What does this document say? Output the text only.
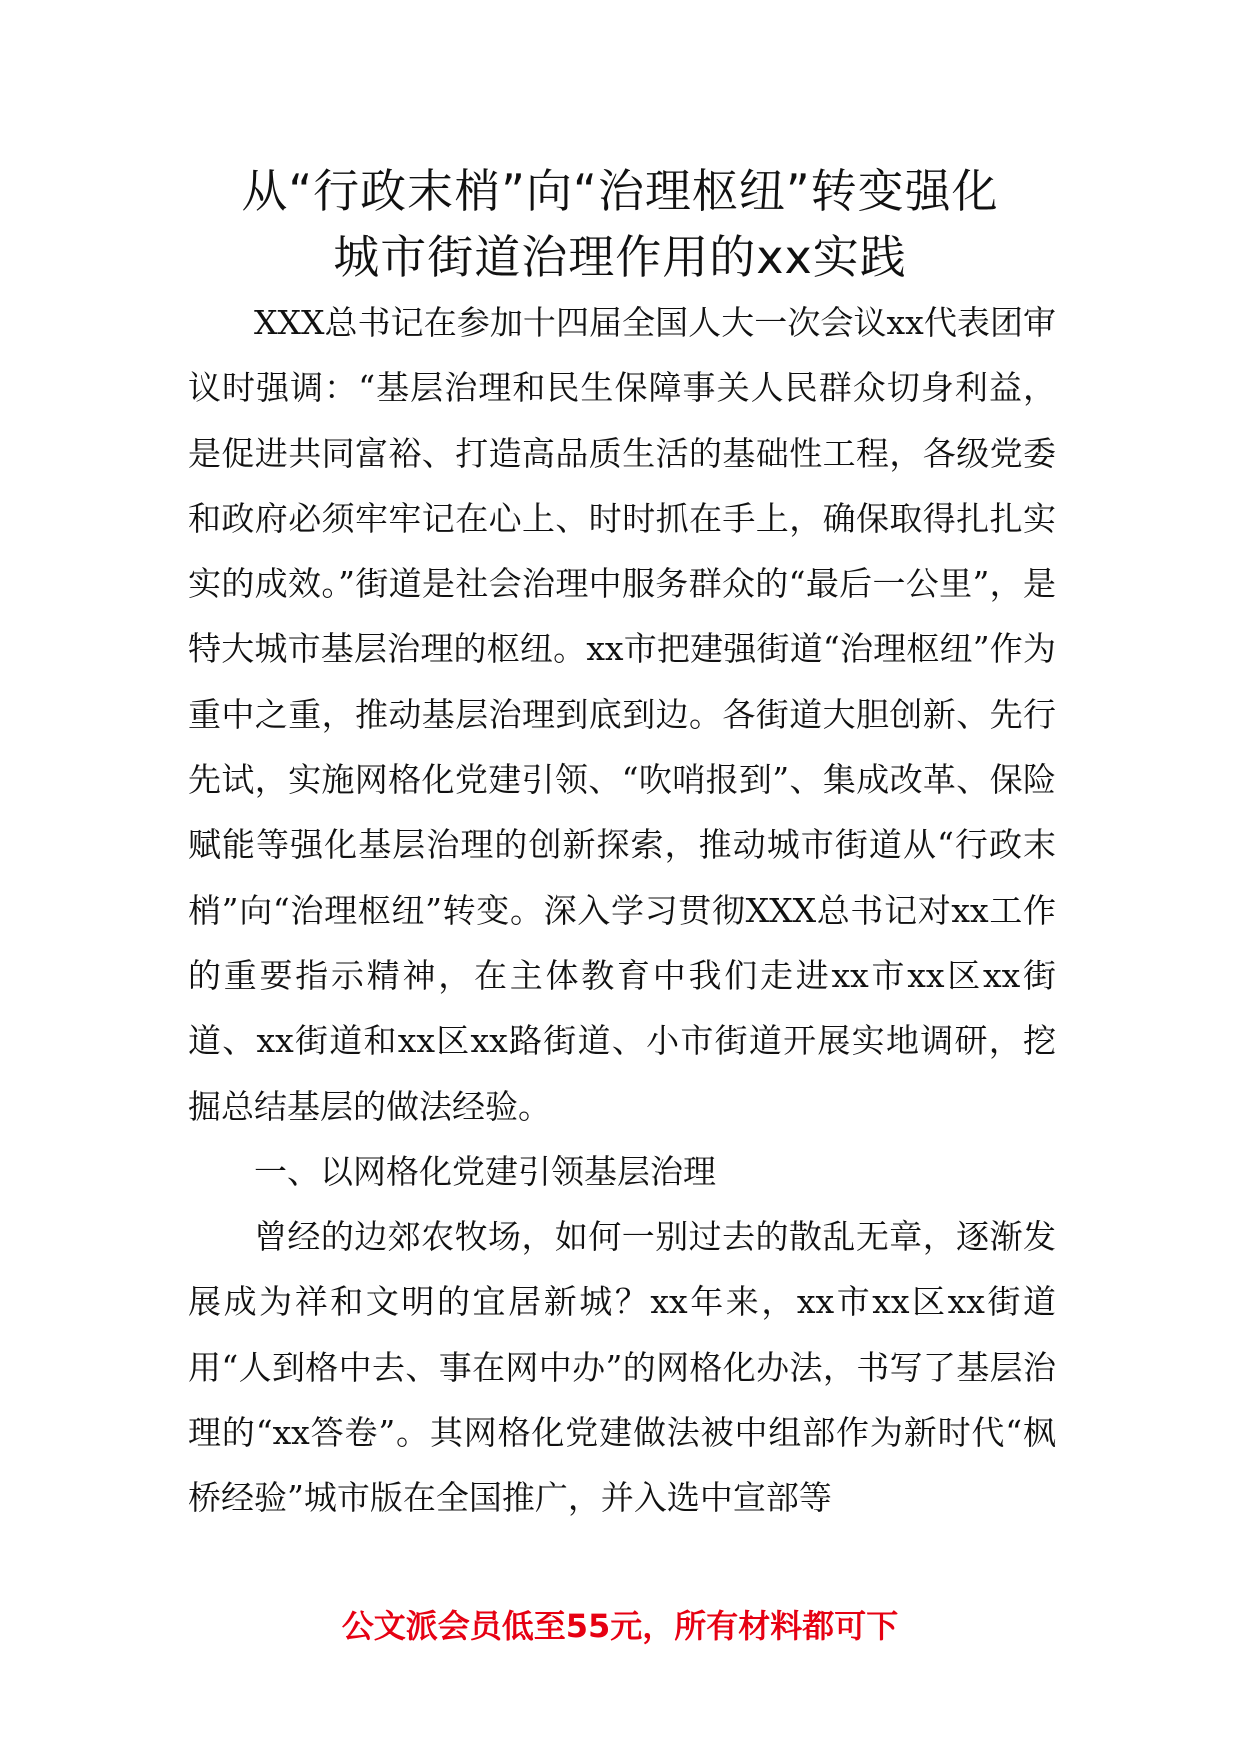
从“行政末梢”向“治理枢纽”转变强化
城市街道治理作用的xx实践

XXX总书记在参加十四届全国人大一次会议xx代表团审议时强调：“基层治理和民生保障事关人民群众切身利益，是促进共同富裕、打造高品质生活的基础性工程，各级党委和政府必须牢牢记在心上、时时抓在手上，确保取得扎扎实实的成效。”街道是社会治理中服务群众的“最后一公里”，是特大城市基层治理的枢纽。xx市把建强街道“治理枢纽”作为重中之重，推动基层治理到底到边。各街道大胆创新、先行先试，实施网格化党建引领、“吹哨报到”、集成改革、保险赋能等强化基层治理的创新探索，推动城市街道从“行政末梢”向“治理枢纽”转变。深入学习贯彻XXX总书记对xx工作的重要指示精神，在主体教育中我们走进xx市xx区xx街道、xx街道和xx区xx路街道、小市街道开展实地调研，挖掘总结基层的做法经验。

一、以网格化党建引领基层治理

曾经的边郊农牧场，如何一别过去的散乱无章，逐渐发展成为祥和文明的宜居新城？xx年来，xx市xx区xx街道用“人到格中去、事在网中办”的网格化办法，书写了基层治理的“xx答卷”。其网格化党建做法被中组部作为新时代“枫桥经验”城市版在全国推广，并入选中宣部等

公文派会员低至55元，所有材料都可下
